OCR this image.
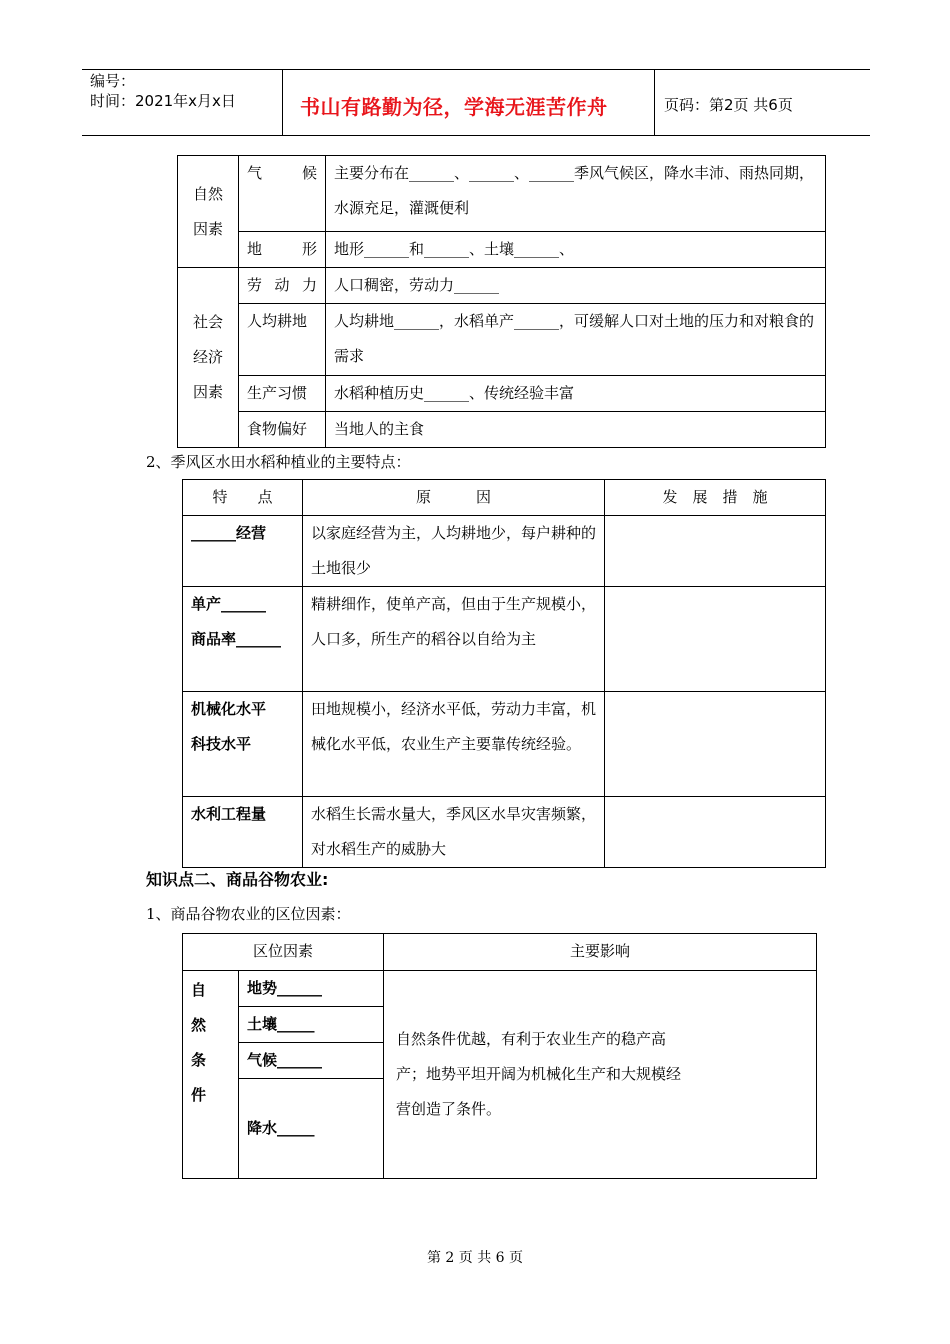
编号：
时间：2021年x月x日	书山有路勤为径，学海无涯苦作舟	页码：第2页 共6页
自然因素	气 候	主要分布在______、______、______季风气候区，降水丰沛、雨热同期，水源充足，灌溉便利

	地 形	地形______和______、土壤______、

社会经济因素	劳 动 力	人口稠密，劳动力______
	人均耕地	人均耕地______，水稻单产______，可缓解人口对土地的压力和对粮食的需求
	生产习惯	水稻种植历史______、传统经验丰富
	食物偏好	当地人的主食
2、季风区水田水稻种植业的主要特点：
特　　点	原　　　因	发　展　措　施
______经营	以家庭经营为主，人均耕地少，每户耕种的土地很少	
单产______
商品率______	精耕细作，使单产高，但由于生产规模小，人口多，所生产的稻谷以自给为主	
机械化水平
科技水平	田地规模小，经济水平低，劳动力丰富，机械化水平低，农业生产主要靠传统经验。	
水利工程量	水稻生长需水量大，季风区水旱灾害频繁，对水稻生产的威胁大	
知识点二、商品谷物农业:
1、商品谷物农业的区位因素：
区位因素		主要影响

自然条件	地势______	自然条件优越，有利于农业生产的稳产高产；地势平坦开阔为机械化生产和大规模经营创造了条件。

	土壤_____	
	气候______	
	降水_____	
第 2 页 共 6 页
